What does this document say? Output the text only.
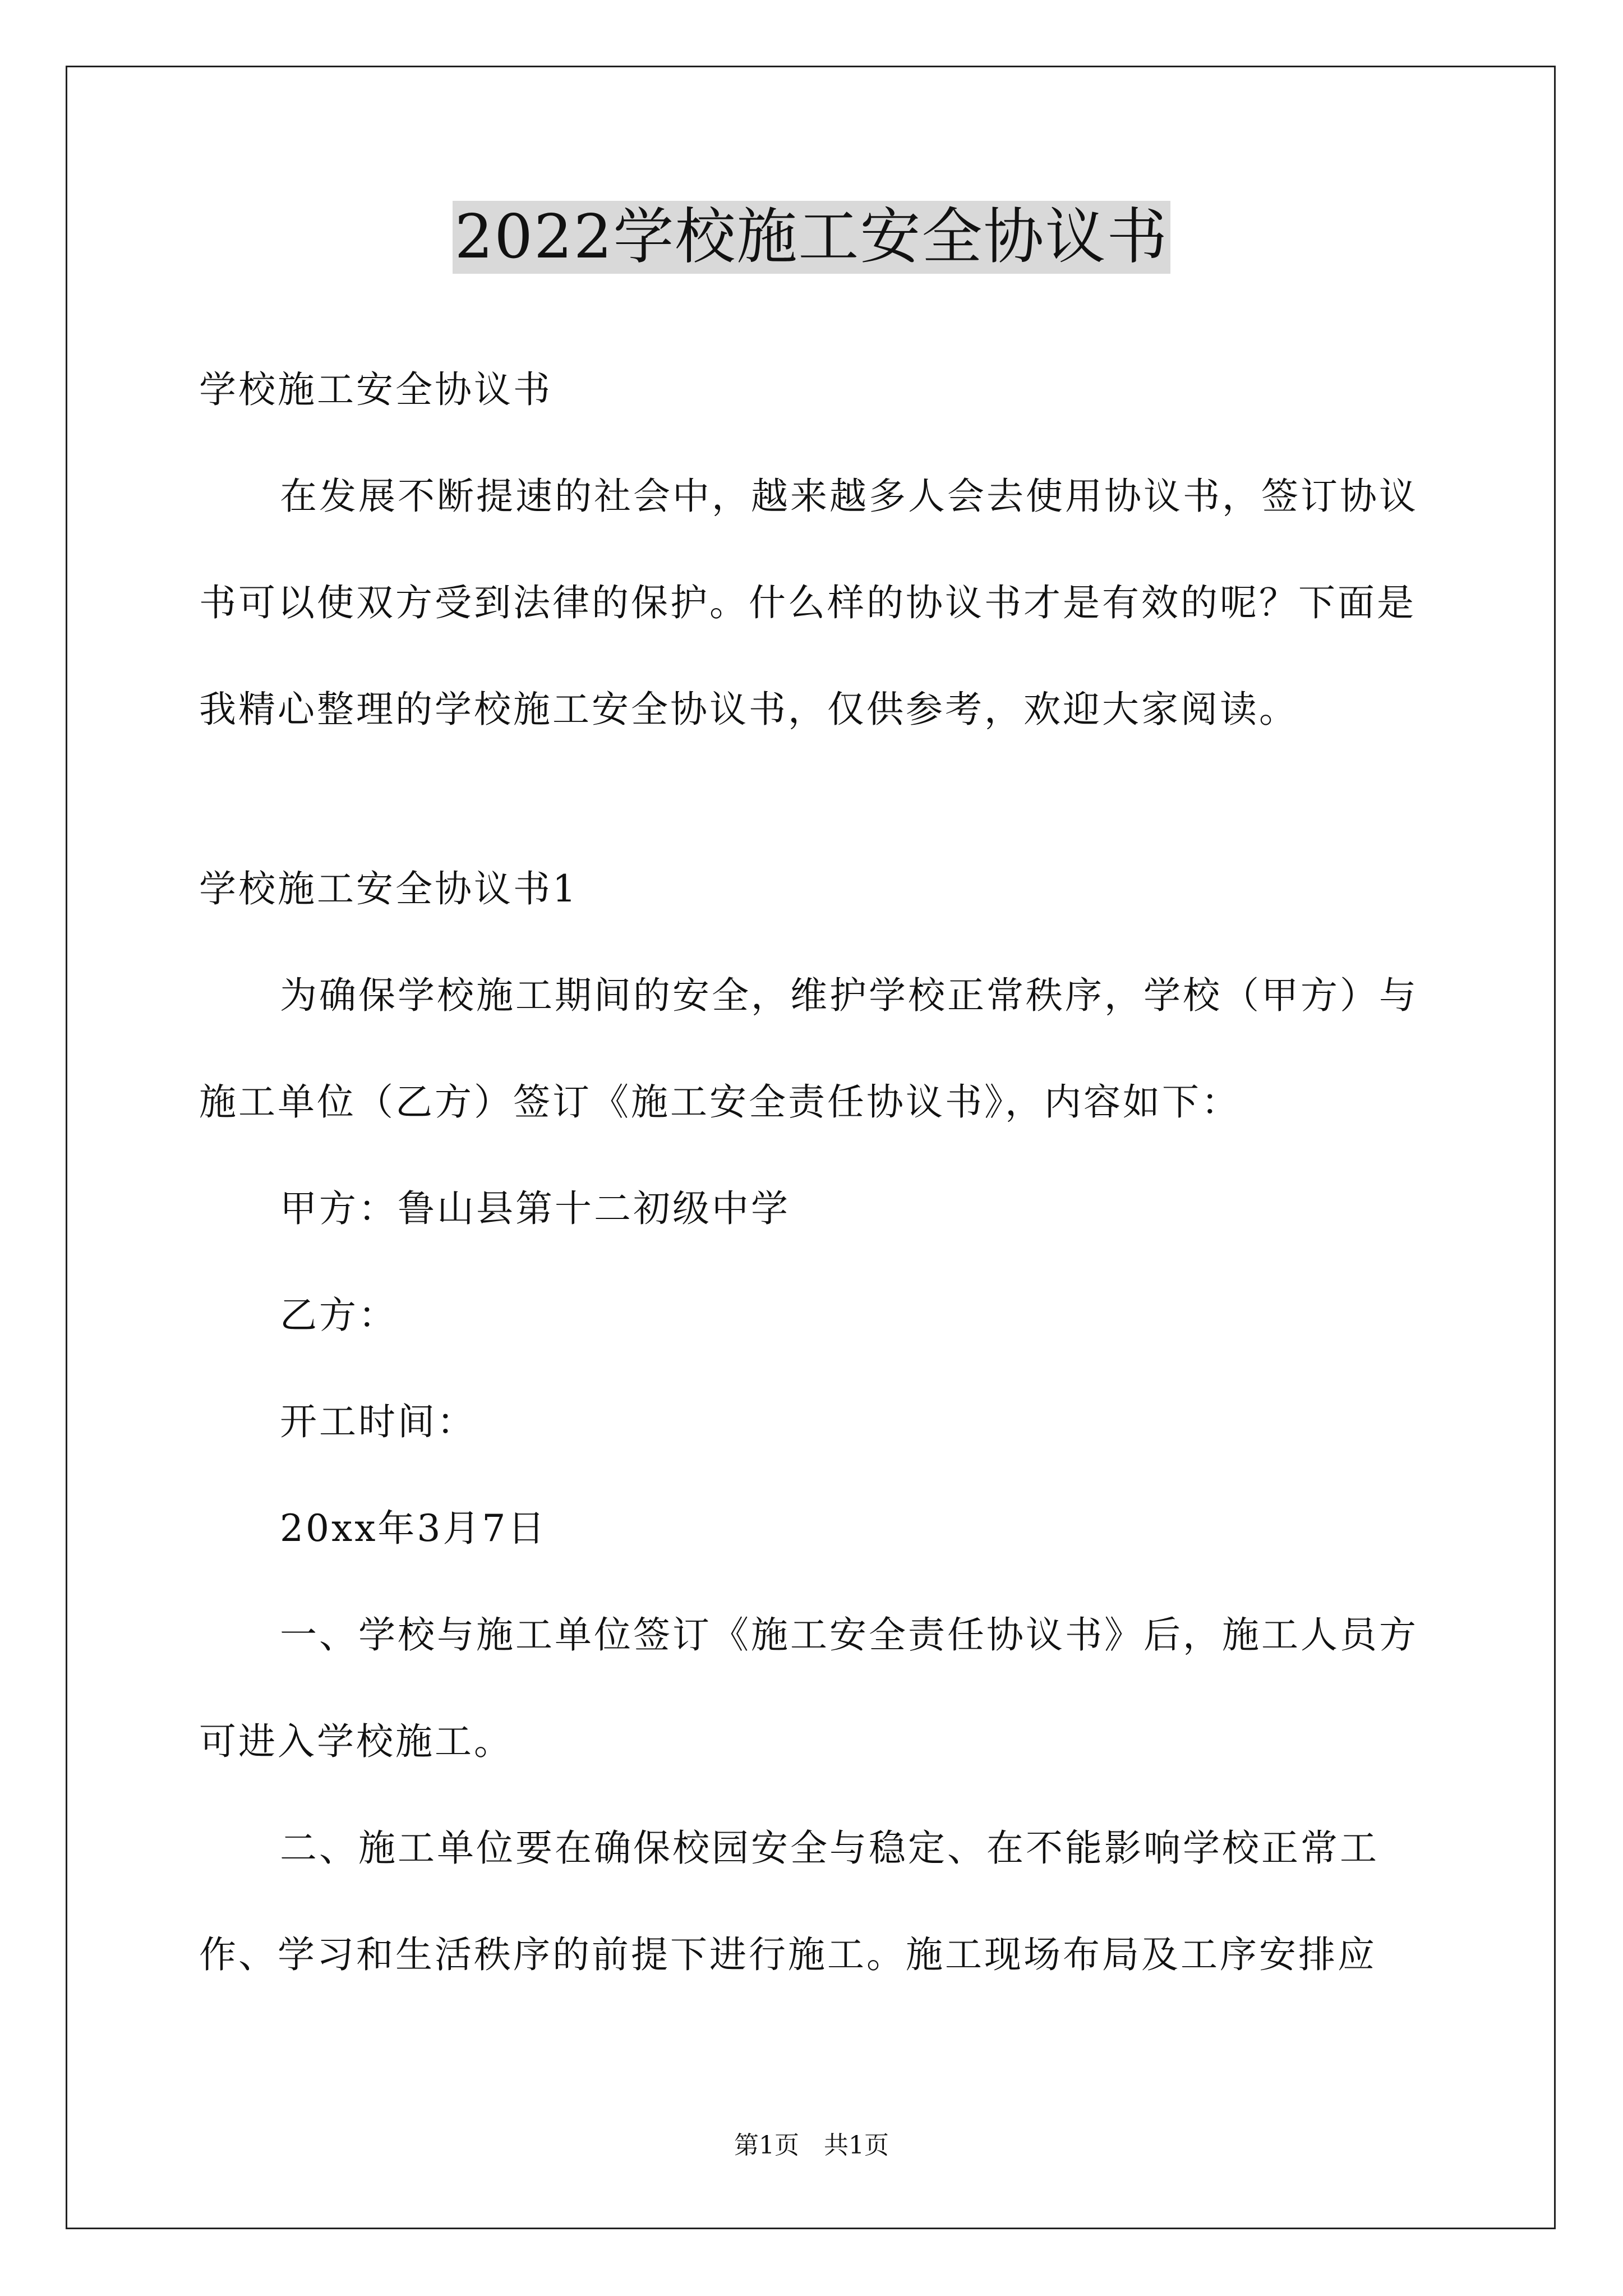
2022学校施工安全协议书

学校施工安全协议书

在发展不断提速的社会中，越来越多人会去使用协议书，签订协议书可以使双方受到法律的保护。什么样的协议书才是有效的呢？下面是我精心整理的学校施工安全协议书，仅供参考，欢迎大家阅读。

学校施工安全协议书1

为确保学校施工期间的安全，维护学校正常秩序，学校（甲方）与施工单位（乙方）签订《施工安全责任协议书》，内容如下：

甲方：鲁山县第十二初级中学

乙方：

开工时间：

20xx年3月7日

一、学校与施工单位签订《施工安全责任协议书》后，施工人员方可进入学校施工。

二、施工单位要在确保校园安全与稳定、在不能影响学校正常工作、学习和生活秩序的前提下进行施工。施工现场布局及工序安排应

第1页 共1页
